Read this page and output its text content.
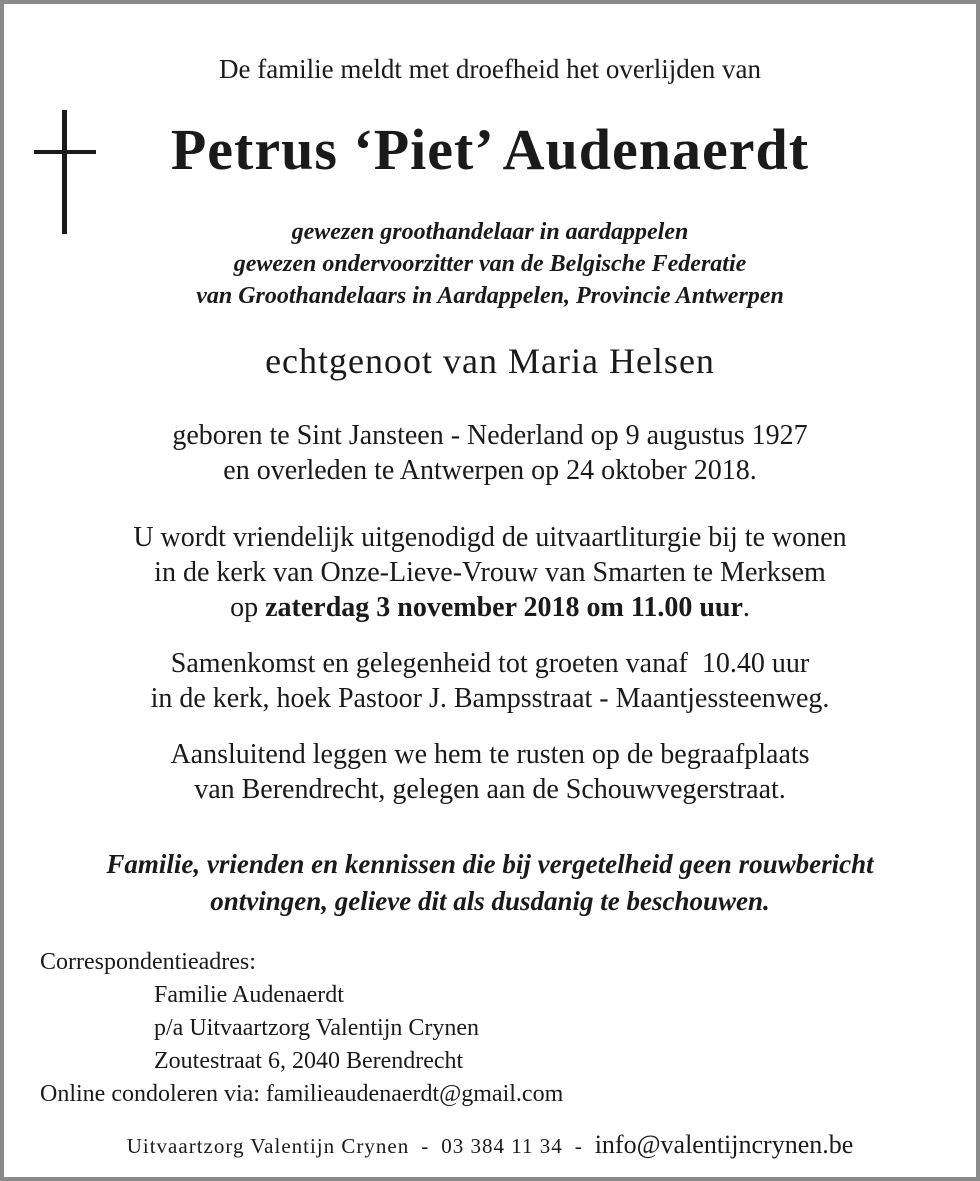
De familie meldt met droefheid het overlijden van
Petrus ‘Piet’ Audenaerdt
gewezen groothandelaar in aardappelen
gewezen ondervoorzitter van de Belgische Federatie
van Groothandelaars in Aardappelen, Provincie Antwerpen
echtgenoot van Maria Helsen
geboren te Sint Jansteen - Nederland op 9 augustus 1927
en overleden te Antwerpen op 24 oktober 2018.
U wordt vriendelijk uitgenodigd de uitvaartliturgie bij te wonen
in de kerk van Onze-Lieve-Vrouw van Smarten te Merksem
op zaterdag 3 november 2018 om 11.00 uur.
Samenkomst en gelegenheid tot groeten vanaf  10.40 uur
in de kerk, hoek Pastoor J. Bampsstraat - Maantjessteenweg.
Aansluitend leggen we hem te rusten op de begraafplaats
van Berendrecht, gelegen aan de Schouwvegerstraat.
Familie, vrienden en kennissen die bij vergetelheid geen rouwbericht
ontvingen, gelieve dit als dusdanig te beschouwen.
Correspondentieadres:
Familie Audenaerdt
p/a Uitvaartzorg Valentijn Crynen
Zoutestraat 6, 2040 Berendrecht
Online condoleren via: familieaudenaerdt@gmail.com
Uitvaartzorg Valentijn Crynen - 03 384 11 34 - info@valentijncrynen.be
